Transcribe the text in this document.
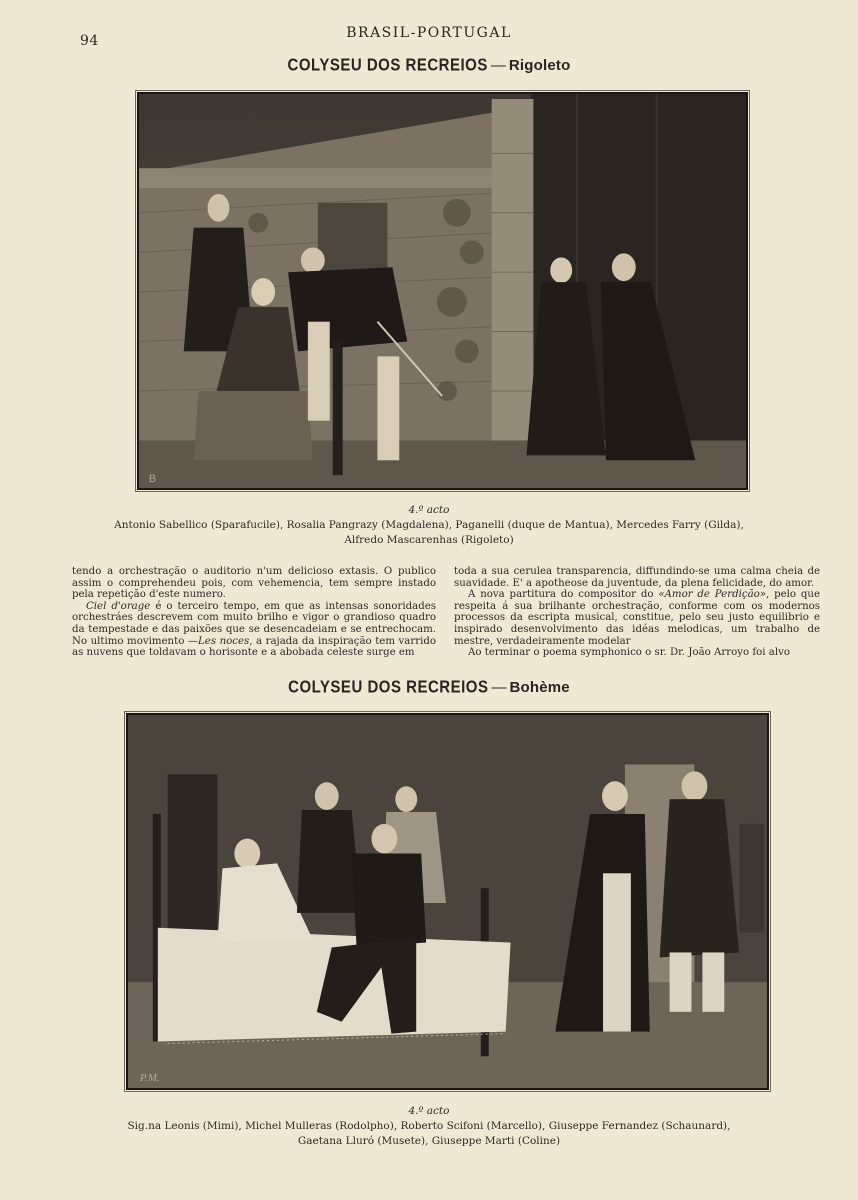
94	BRASIL-PORTUGAL
COLYSEU DOS RECREIOS — Rigoleto
B
4.º acto
Antonio Sabellico (Sparafucile), Rosalia Pangrazy (Magdalena), Paganelli (duque de Mantua), Mercedes Farry (Gilda),
Alfredo Mascarenhas (Rigoleto)

tendo a orchestração o auditorio n'um delicioso extasis. O publico assim o comprehendeu pois, com vehemencia, tem sempre instado pela repetição d'este numero.

Ciel d'orage é o terceiro tempo, em que as intensas sonoridades orchestráes descrevem com muito brilho e vigor o grandioso quadro da tempestade e das paixões que se desencadeiam e se entrechocam. No ultimo movimento —Les noces, a rajada da inspiração tem varrido as nuvens que toldavam o horisonte e a abobada celeste surge em

toda a sua cerulea transparencia, diffundindo-se uma calma cheia de suavidade. E' a apotheose da juventude, da plena felicidade, do amor.

A nova partitura do compositor do «Amor de Perdição», pelo que respeita á sua brilhante orchestração, conforme com os modernos processos da escripta musical, constitue, pelo seu justo equilibrio e inspirado desenvolvimento das idéas melodicas, um trabalho de mestre, verdadeiramente modelar

Ao terminar o poema symphonico o sr. Dr. João Arroyo foi alvo

COLYSEU DOS RECREIOS — Bohème
P.M.
4.º acto
Sig.na Leonis (Mimi), Michel Mulleras (Rodolpho), Roberto Scifoni (Marcello), Giuseppe Fernandez (Schaunard),
Gaetana Lluró (Musete), Giuseppe Marti (Coline)
